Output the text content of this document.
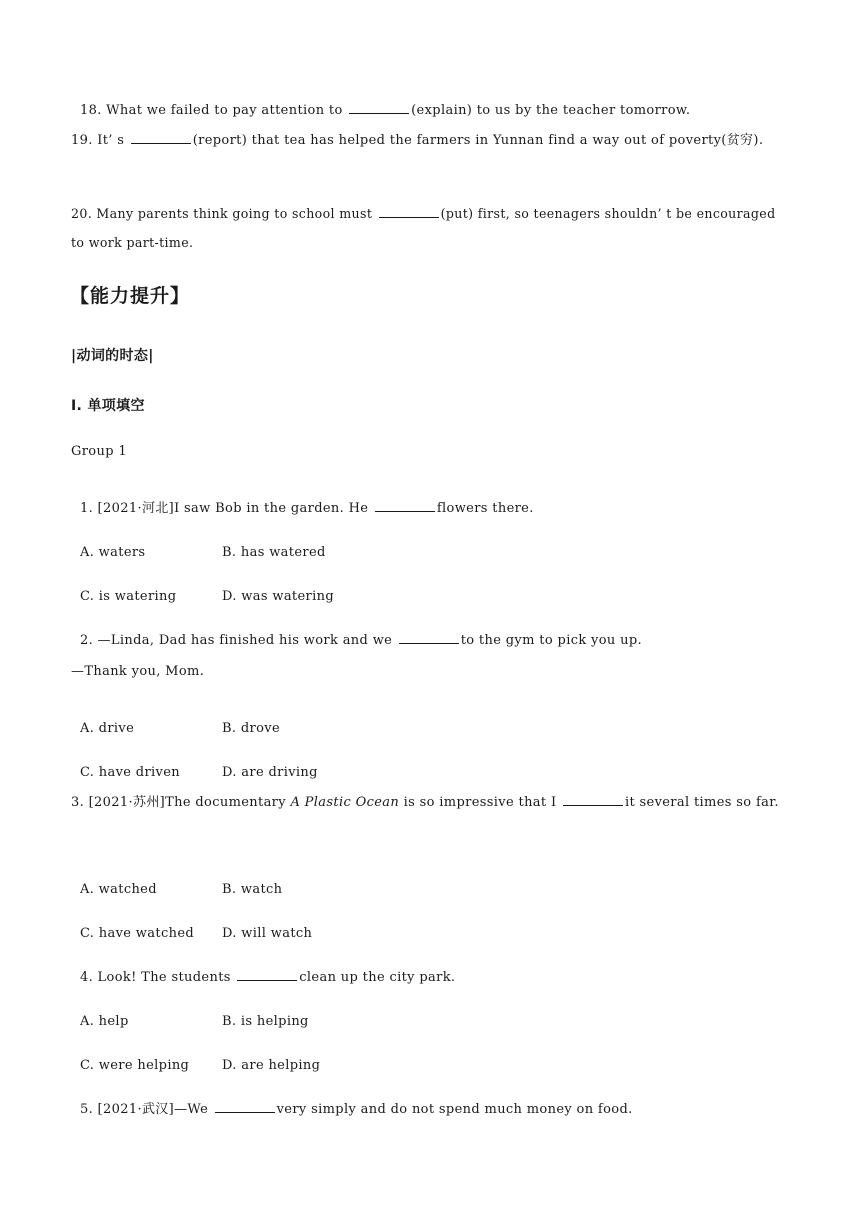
18. What we failed to pay attention to	(explain) to us by the teacher tomorrow.

19. It’ s	(report) that tea has helped the farmers in Yunnan find a way out of poverty(贫穷).
20. Many parents think going to school must	(put) first, so teenagers shouldn’ t be encouraged to work part-time.
【能力提升】
|动词的时态|
Ⅰ. 单项填空
Group 1

1. [2021·河北]I saw Bob in the garden. He	flowers there.

A. waters	B. has watered

C. is watering	D. was watering

2. —Linda, Dad has finished his work and we	to the gym to pick you up.

—Thank you, Mom.

A. drive	B. drove

C. have driven	D. are driving

3. [2021·苏州]The documentary A Plastic Ocean is so impressive that I	it several times so far.

A. watched	B. watch

C. have watched D. will watch

4. Look! The students	clean up the city park.

A. help	B. is helping

C. were helping	D. are helping

5. [2021·武汉]—We	very simply and do not spend much money on food.
